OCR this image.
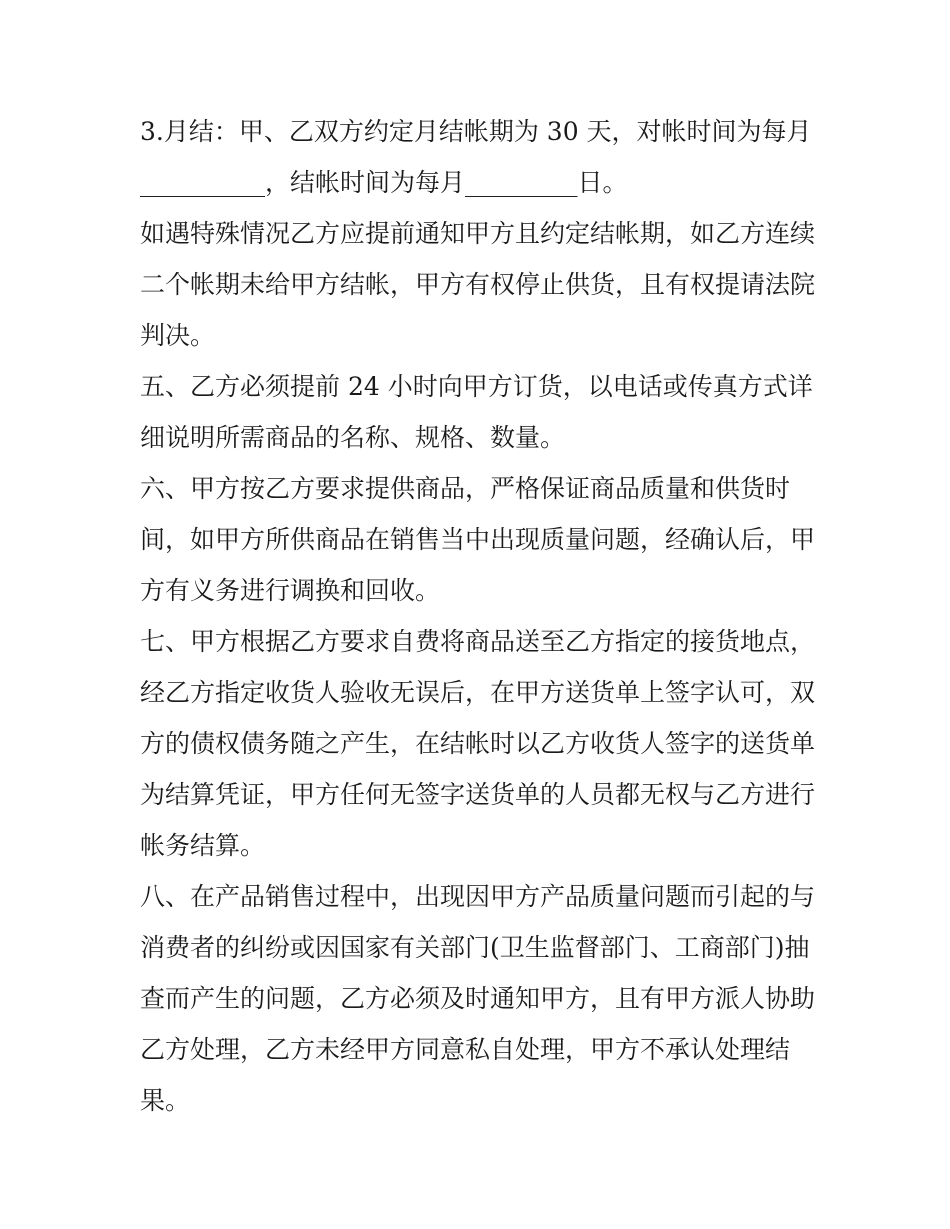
3.月结：甲、乙双方约定月结帐期为 30 天，对帐时间为每月
__________，结帐时间为每月_________日。
如遇特殊情况乙方应提前通知甲方且约定结帐期，如乙方连续
二个帐期未给甲方结帐，甲方有权停止供货，且有权提请法院
判决。
五、乙方必须提前 24 小时向甲方订货，以电话或传真方式详
细说明所需商品的名称、规格、数量。
六、甲方按乙方要求提供商品，严格保证商品质量和供货时
间，如甲方所供商品在销售当中出现质量问题，经确认后，甲
方有义务进行调换和回收。
七、甲方根据乙方要求自费将商品送至乙方指定的接货地点，
经乙方指定收货人验收无误后，在甲方送货单上签字认可，双
方的债权债务随之产生，在结帐时以乙方收货人签字的送货单
为结算凭证，甲方任何无签字送货单的人员都无权与乙方进行
帐务结算。
八、在产品销售过程中，出现因甲方产品质量问题而引起的与
消费者的纠纷或因国家有关部门(卫生监督部门、工商部门)抽
查而产生的问题，乙方必须及时通知甲方，且有甲方派人协助
乙方处理，乙方未经甲方同意私自处理，甲方不承认处理结
果。
